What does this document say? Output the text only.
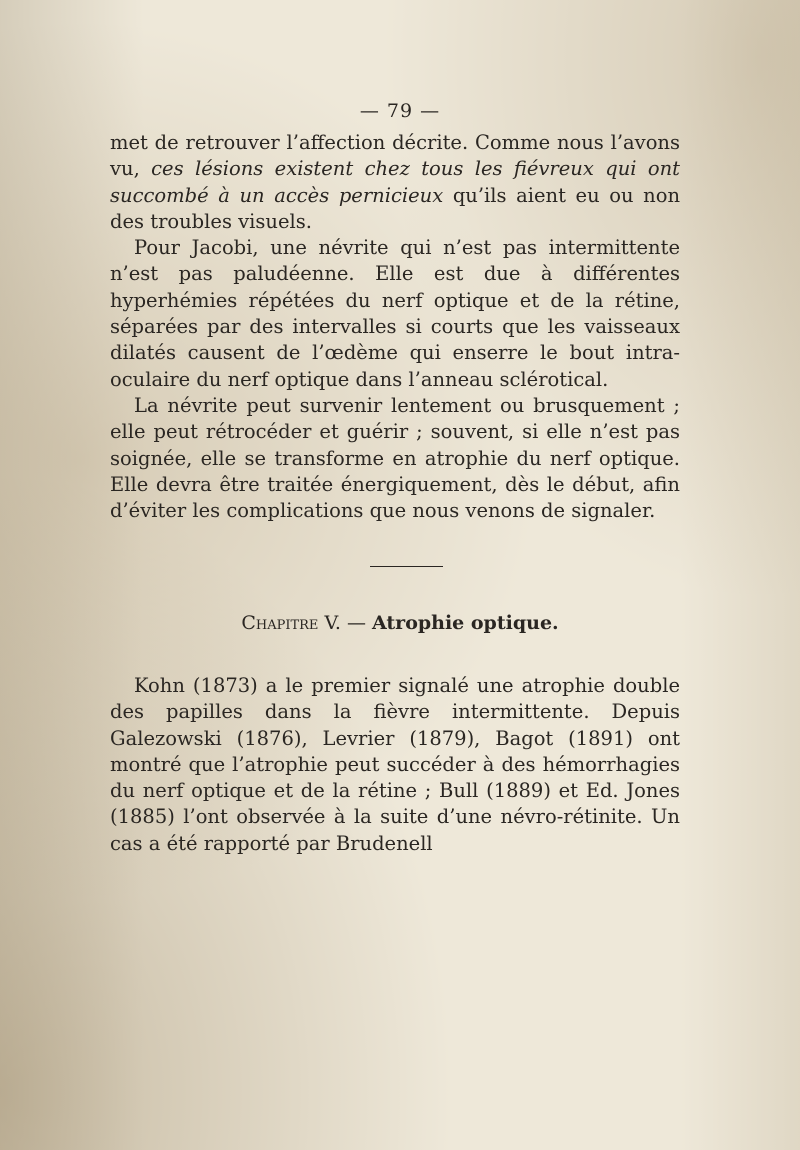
— 79 —

met de retrouver l’affection décrite. Comme nous l’avons vu, ces lésions existent chez tous les fiévreux qui ont succombé à un accès pernicieux qu’ils aient eu ou non des troubles visuels.

Pour Jacobi, une névrite qui n’est pas intermittente n’est pas paludéenne. Elle est due à différentes hyperhémies répétées du nerf optique et de la rétine, séparées par des intervalles si courts que les vaisseaux dilatés causent de l’œdème qui enserre le bout intra-oculaire du nerf optique dans l’anneau sclérotical.

La névrite peut survenir lentement ou brusquement ; elle peut rétrocéder et guérir ; souvent, si elle n’est pas soignée, elle se transforme en atrophie du nerf optique. Elle devra être traitée énergiquement, dès le début, afin d’éviter les complications que nous venons de signaler.

Chapitre V. — Atrophie optique.

Kohn (1873) a le premier signalé une atrophie double des papilles dans la fièvre intermittente. Depuis Galezowski (1876), Levrier (1879), Bagot (1891) ont montré que l’atrophie peut succéder à des hémorrhagies du nerf optique et de la rétine ; Bull (1889) et Ed. Jones (1885) l’ont observée à la suite d’une névro-rétinite. Un cas a été rapporté par Brudenell
